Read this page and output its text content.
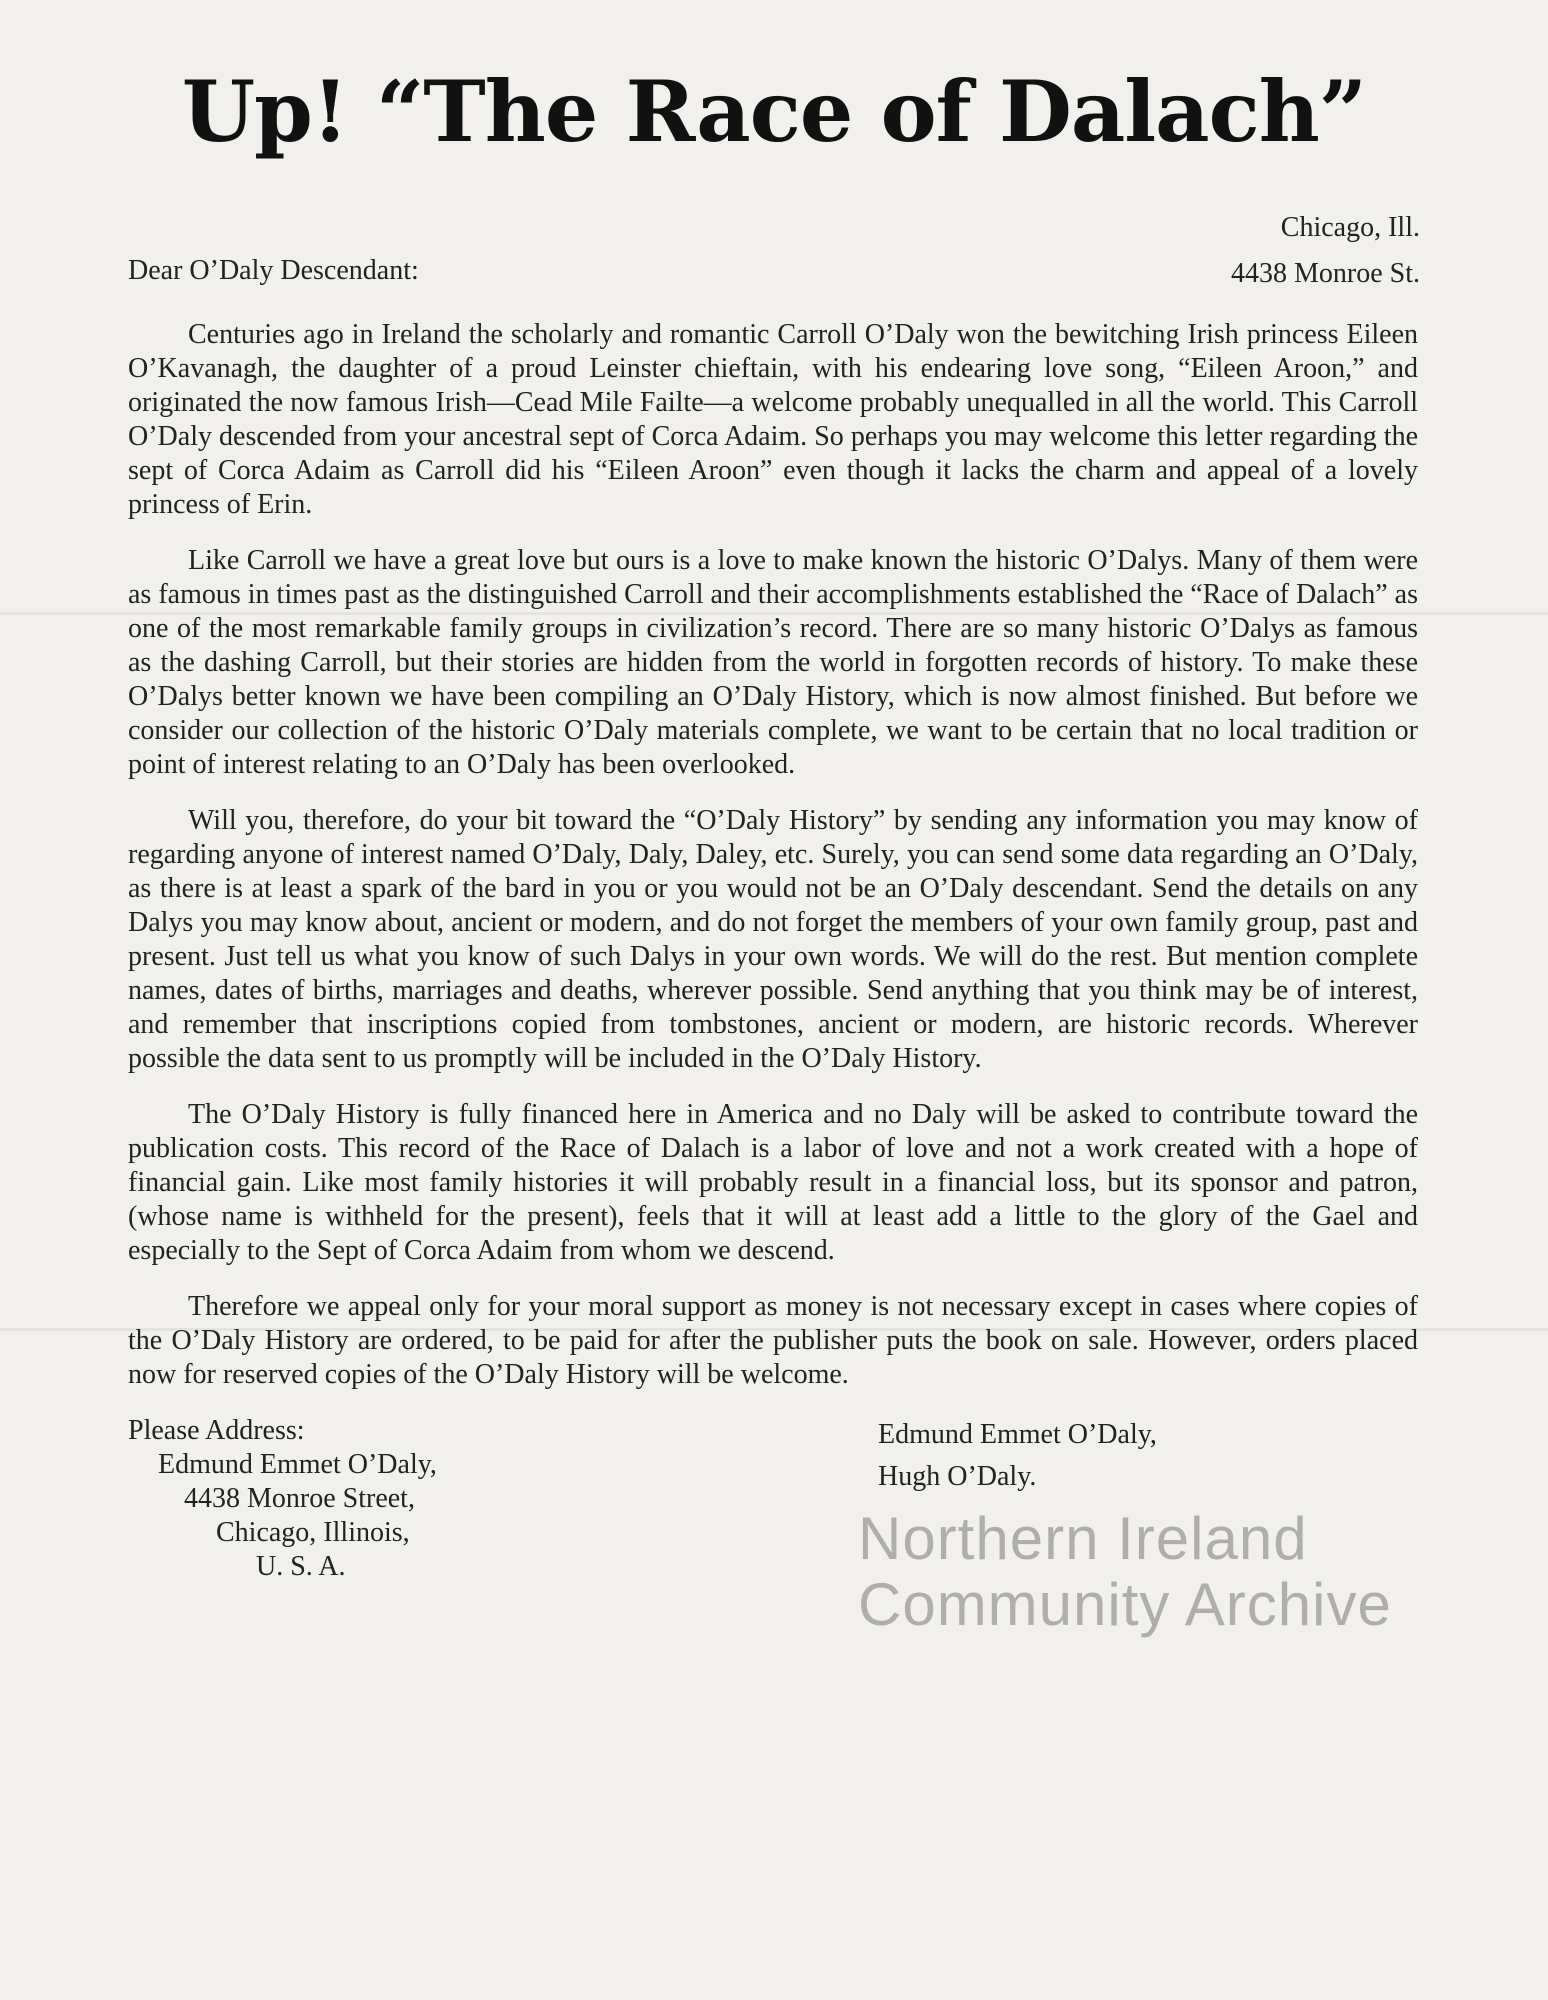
Up! “The Race of Dalach”
Chicago, Ill.
4438 Monroe St.
Dear O’Daly Descendant:

Centuries ago in Ireland the scholarly and romantic Carroll O’Daly won the bewitching Irish princess Eileen O’Kavanagh, the daughter of a proud Leinster chieftain, with his endearing love song, “Eileen Aroon,” and originated the now famous Irish—Cead Mile Failte—a welcome probably unequalled in all the world. This Carroll O’Daly descended from your ancestral sept of Corca Adaim. So perhaps you may welcome this letter regarding the sept of Corca Adaim as Carroll did his “Eileen Aroon” even though it lacks the charm and appeal of a lovely princess of Erin.

Like Carroll we have a great love but ours is a love to make known the historic O’Dalys. Many of them were as famous in times past as the distinguished Carroll and their accomplishments established the “Race of Dalach” as one of the most remarkable family groups in civilization’s record. There are so many historic O’Dalys as famous as the dashing Carroll, but their stories are hidden from the world in forgotten records of history. To make these O’Dalys better known we have been compiling an O’Daly History, which is now almost finished. But before we consider our collection of the historic O’Daly materials complete, we want to be certain that no local tradition or point of interest relating to an O’Daly has been overlooked.

Will you, therefore, do your bit toward the “O’Daly History” by sending any information you may know of regarding anyone of interest named O’Daly, Daly, Daley, etc. Surely, you can send some data regarding an O’Daly, as there is at least a spark of the bard in you or you would not be an O’Daly descendant. Send the details on any Dalys you may know about, ancient or modern, and do not forget the members of your own family group, past and present. Just tell us what you know of such Dalys in your own words. We will do the rest. But mention complete names, dates of births, marriages and deaths, wherever possible. Send anything that you think may be of interest, and remember that inscriptions copied from tombstones, ancient or modern, are historic records. Wherever possible the data sent to us promptly will be included in the O’Daly History.

The O’Daly History is fully financed here in America and no Daly will be asked to contribute toward the publication costs. This record of the Race of Dalach is a labor of love and not a work created with a hope of financial gain. Like most family histories it will probably result in a financial loss, but its sponsor and patron, (whose name is withheld for the present), feels that it will at least add a little to the glory of the Gael and especially to the Sept of Corca Adaim from whom we descend.

Therefore we appeal only for your moral support as money is not necessary except in cases where copies of the O’Daly History are ordered, to be paid for after the publisher puts the book on sale. However, orders placed now for reserved copies of the O’Daly History will be welcome.

Please Address:
Edmund Emmet O’Daly,
4438 Monroe Street,
Chicago, Illinois,
U. S. A.
Edmund Emmet O’Daly,
Hugh O’Daly.
Northern Ireland Community Archive
